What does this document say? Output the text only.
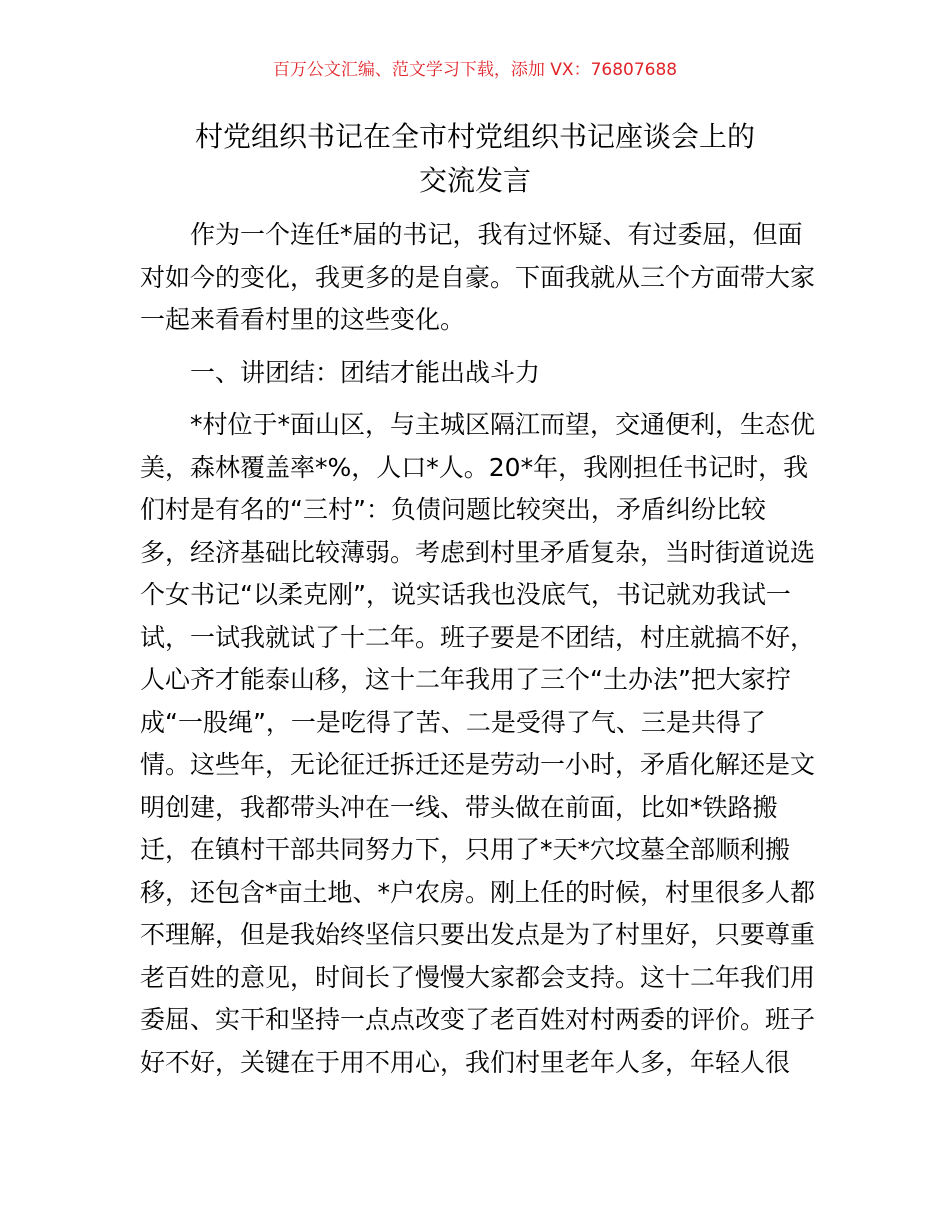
百万公文汇编、范文学习下载，添加 VX：76807688
村党组织书记在全市村党组织书记座谈会上的
交流发言
作为一个连任*届的书记，我有过怀疑、有过委屈，但面
对如今的变化，我更多的是自豪。下面我就从三个方面带大家
一起来看看村里的这些变化。
一、讲团结：团结才能出战斗力
*村位于*面山区，与主城区隔江而望，交通便利，生态优
美，森林覆盖率*%，人口*人。20*年，我刚担任书记时，我
们村是有名的“三村”：负债问题比较突出，矛盾纠纷比较
多，经济基础比较薄弱。考虑到村里矛盾复杂，当时街道说选
个女书记“以柔克刚”，说实话我也没底气，书记就劝我试一
试，一试我就试了十二年。班子要是不团结，村庄就搞不好，
人心齐才能泰山移，这十二年我用了三个“土办法”把大家拧
成“一股绳”，一是吃得了苦、二是受得了气、三是共得了
情。这些年，无论征迁拆迁还是劳动一小时，矛盾化解还是文
明创建，我都带头冲在一线、带头做在前面，比如*铁路搬
迁，在镇村干部共同努力下，只用了*天*穴坟墓全部顺利搬
移，还包含*亩土地、*户农房。刚上任的时候，村里很多人都
不理解，但是我始终坚信只要出发点是为了村里好，只要尊重
老百姓的意见，时间长了慢慢大家都会支持。这十二年我们用
委屈、实干和坚持一点点改变了老百姓对村两委的评价。班子
好不好，关键在于用不用心，我们村里老年人多，年轻人很
